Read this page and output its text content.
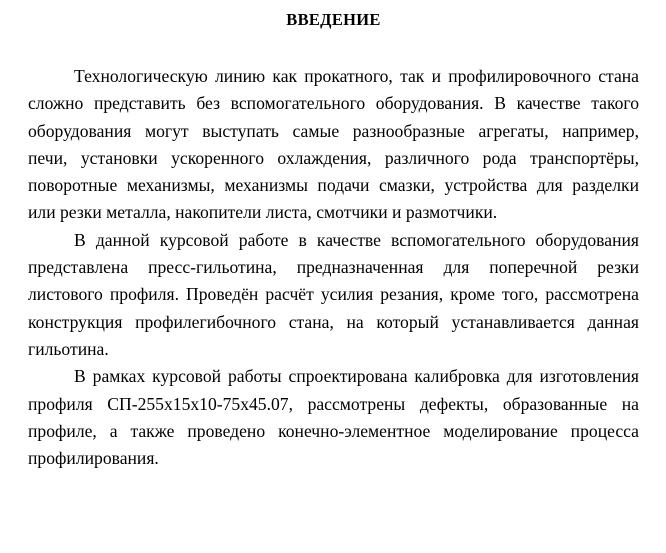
ВВЕДЕНИЕ
Технологическую линию как прокатного, так и профилировочного стана
сложно представить без вспомогательного оборудования. В качестве такого
оборудования могут выступать самые разнообразные агрегаты, например,
печи, установки ускоренного охлаждения, различного рода транспортёры,
поворотные механизмы, механизмы подачи смазки, устройства для разделки
или резки металла, накопители листа, смотчики и размотчики.
В данной курсовой работе в качестве вспомогательного оборудования
представлена пресс-гильотина, предназначенная для поперечной резки
листового профиля. Проведён расчёт усилия резания, кроме того, рассмотрена
конструкция профилегибочного стана, на который устанавливается данная
гильотина.
В рамках курсовой работы спроектирована калибровка для изготовления
профиля СП-255х15х10-75х45.07, рассмотрены дефекты, образованные на
профиле, а также проведено конечно-элементное моделирование процесса
профилирования.
